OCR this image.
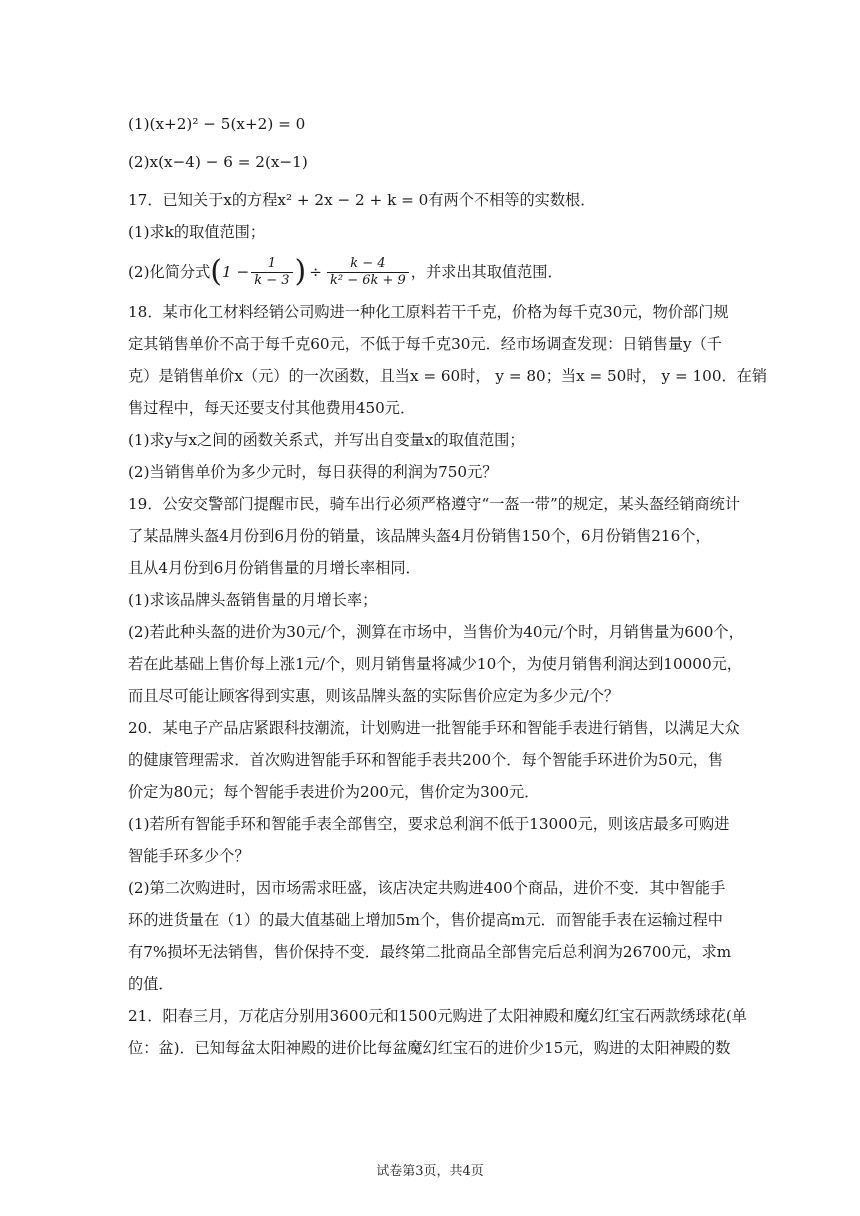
(1)(x+2)² − 5(x+2) = 0

(2)x(x−4) − 6 = 2(x−1)

17．已知关于x的方程x² + 2x − 2 + k = 0有两个不相等的实数根．

(1)求k的取值范围；

(2)化简分式 ( $1 - \frac{1}{k - 3}$ ) ÷ $\frac{k - 4}{\text{k² − 6k + 9}}$ ，并求出其取值范围．

18．某市化工材料经销公司购进一种化工原料若干千克，价格为每千克30元，物价部门规

定其销售单价不高于每千克60元，不低于每千克30元．经市场调查发现：日销售量y（千

克）是销售单价x（元）的一次函数，且当x = 60时， y = 80；当x = 50时， y = 100．在销

售过程中，每天还要支付其他费用450元．

(1)求y与x之间的函数关系式，并写出自变量x的取值范围；

(2)当销售单价为多少元时，每日获得的利润为750元？

19．公安交警部门提醒市民，骑车出行必须严格遵守“一盔一带”的规定，某头盔经销商统计

了某品牌头盔4月份到6月份的销量，该品牌头盔4月份销售150个，6月份销售216个，

且从4月份到6月份销售量的月增长率相同．

(1)求该品牌头盔销售量的月增长率；

(2)若此种头盔的进价为30元/个，测算在市场中，当售价为40元/个时，月销售量为600个，

若在此基础上售价每上涨1元/个，则月销售量将减少10个，为使月销售利润达到10000元，

而且尽可能让顾客得到实惠，则该品牌头盔的实际售价应定为多少元/个？

20．某电子产品店紧跟科技潮流，计划购进一批智能手环和智能手表进行销售，以满足大众

的健康管理需求．首次购进智能手环和智能手表共200个．每个智能手环进价为50元，售

价定为80元；每个智能手表进价为200元，售价定为300元．

(1)若所有智能手环和智能手表全部售空，要求总利润不低于13000元，则该店最多可购进

智能手环多少个？

(2)第二次购进时，因市场需求旺盛，该店决定共购进400个商品，进价不变．其中智能手

环的进货量在（1）的最大值基础上增加5m个，售价提高m元．而智能手表在运输过程中

有7%损坏无法销售，售价保持不变．最终第二批商品全部售完后总利润为26700元，求m

的值．

21．阳春三月，万花店分别用3600元和1500元购进了太阳神殿和魔幻红宝石两款绣球花(单

位：盆)．已知每盆太阳神殿的进价比每盆魔幻红宝石的进价少15元，购进的太阳神殿的数

试卷第3页，共4页
